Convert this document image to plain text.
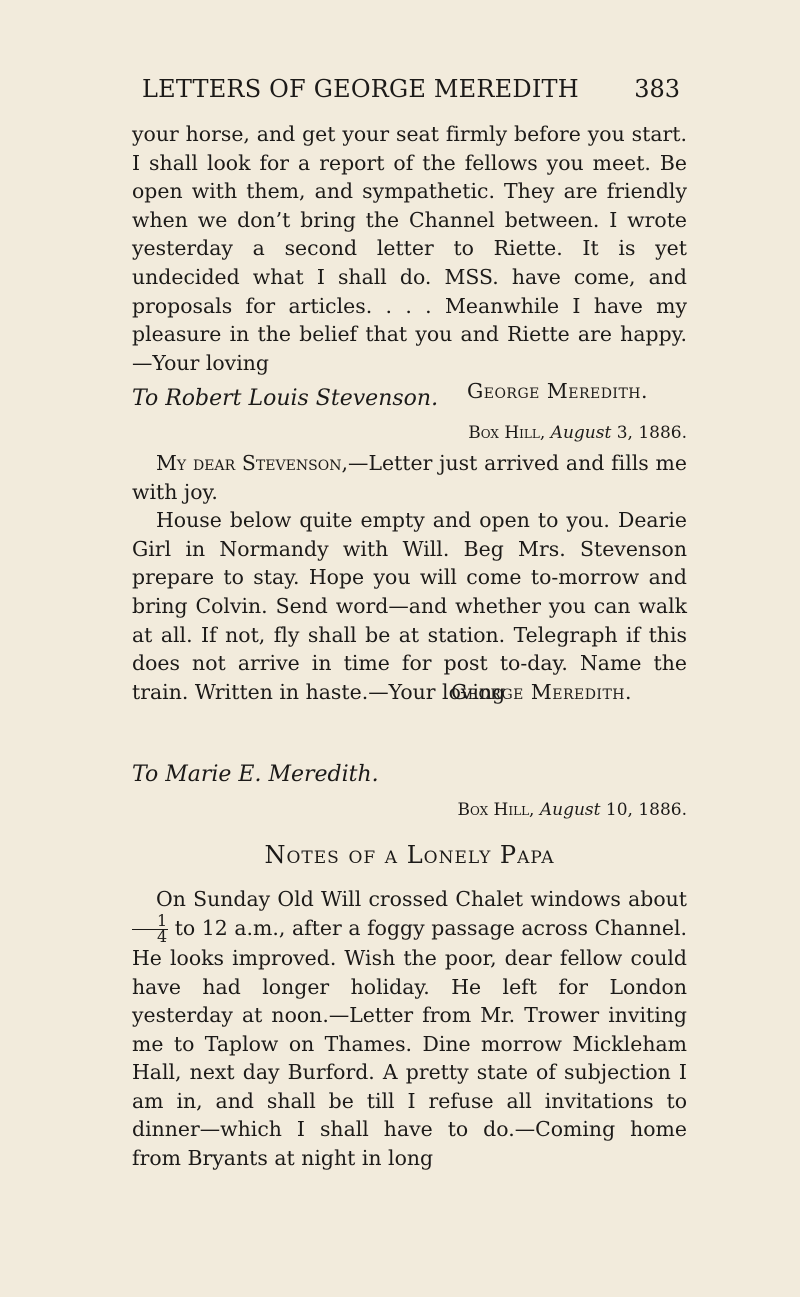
LETTERS OF GEORGE MEREDITH 383

your horse, and get your seat firmly before you start. I shall look for a report of the fellows you meet. Be open with them, and sympathetic. They are friendly when we don’t bring the Channel between. I wrote yesterday a second letter to Riette. It is yet undecided what I shall do. MSS. have come, and proposals for articles. . . . Meanwhile I have my pleasure in the belief that you and Riette are happy.—Your loving

George Meredith.

To Robert Louis Stevenson.
Box Hill, August 3, 1886.

My dear Stevenson,—Letter just arrived and fills me with joy.

House below quite empty and open to you. Dearie Girl in Normandy with Will. Beg Mrs. Stevenson prepare to stay. Hope you will come to-morrow and bring Colvin. Send word—and whether you can walk at all. If not, fly shall be at station. Telegraph if this does not arrive in time for post to-day. Name the train. Written in haste.—Your loving

George Meredith.

To Marie E. Meredith.
Box Hill, August 10, 1886.
Notes of a Lonely Papa

On Sunday Old Will crossed Chalet windows about
$\frac{1}{4}$ to 12 a.m., after a foggy passage across Channel. He looks improved. Wish the poor, dear fellow could have had longer holiday. He left for London yesterday at noon.—Letter from Mr. Trower inviting me to Taplow on Thames. Dine morrow Mickleham Hall, next day Burford. A pretty state of subjection I am in, and shall be till I refuse all invitations to dinner—which I shall have to do.—Coming home from Bryants at night in long
